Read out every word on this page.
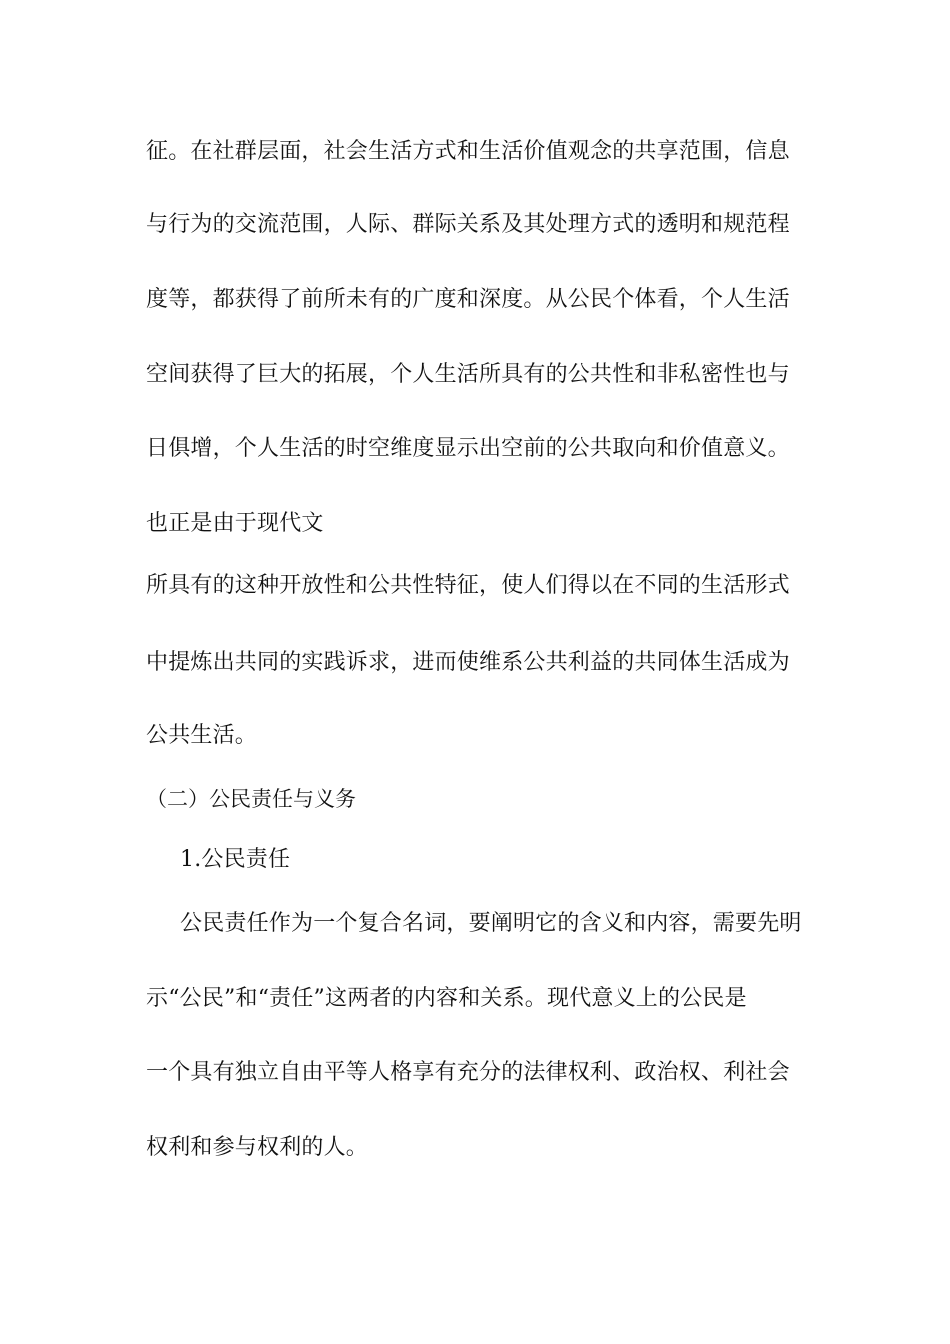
征。在社群层面，社会生活方式和生活价值观念的共享范围，信息
与行为的交流范围，人际、群际关系及其处理方式的透明和规范程
度等，都获得了前所未有的广度和深度。从公民个体看，个人生活
空间获得了巨大的拓展，个人生活所具有的公共性和非私密性也与
日俱增，个人生活的时空维度显示出空前的公共取向和价值意义。
也正是由于现代文
所具有的这种开放性和公共性特征，使人们得以在不同的生活形式
中提炼出共同的实践诉求，进而使维系公共利益的共同体生活成为
公共生活。
（二）公民责任与义务
1.公民责任
公民责任作为一个复合名词，要阐明它的含义和内容，需要先明
示“公民”和“责任”这两者的内容和关系。现代意义上的公民是
一个具有独立自由平等人格享有充分的法律权利、政治权、利社会
权利和参与权利的人。
